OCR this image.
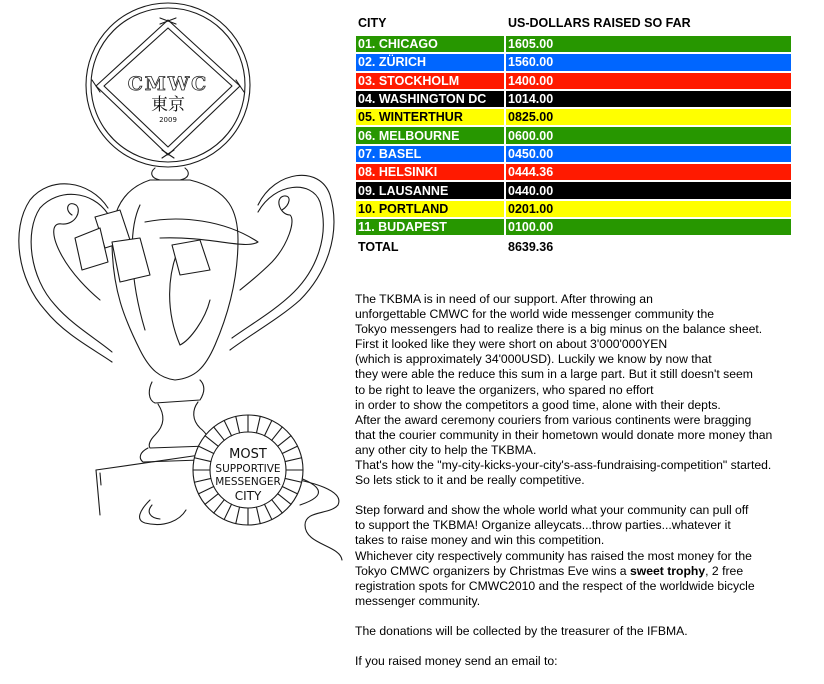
CMWC
東京
2009
MOST
SUPPORTIVE
MESSENGER
CITY
CITY	US-DOLLARS RAISED SO FAR
01. CHICAGO	1605.00
02. ZÜRICH	1560.00
03. STOCKHOLM	1400.00
04. WASHINGTON DC	1014.00
05. WINTERTHUR	0825.00
06. MELBOURNE	0600.00
07. BASEL	0450.00
08. HELSINKI	0444.36
09. LAUSANNE	0440.00
10. PORTLAND	0201.00
11. BUDAPEST	0100.00
TOTAL	8639.36

The TKBMA is in need of our support. After throwing an
unforgettable CMWC for the world wide messenger community the
Tokyo messengers had to realize there is a big minus on the balance sheet.
First it looked like they were short on about 3'000'000YEN
(which is approximately 34'000USD). Luckily we know by now that
they were able the reduce this sum in a large part. But it still doesn't seem
to be right to leave the organizers, who spared no effort
in order to show the competitors a good time, alone with their depts.
After the award ceremony couriers from various continents were bragging
that the courier community in their hometown would donate more money than
any other city to help the TKBMA.
That's how the "my-city-kicks-your-city's-ass-fundraising-competition" started.
So lets stick to it and be really competitive.

Step forward and show the whole world what your community can pull off
to support the TKBMA! Organize alleycats...throw parties...whatever it
takes to raise money and win this competition.
Whichever city respectively community has raised the most money for the
Tokyo CMWC organizers by Christmas Eve wins a sweet trophy, 2 free
registration spots for CMWC2010 and the respect of the worldwide bicycle
messenger community.

The donations will be collected by the treasurer of the IFBMA.

If you raised money send an email to:
